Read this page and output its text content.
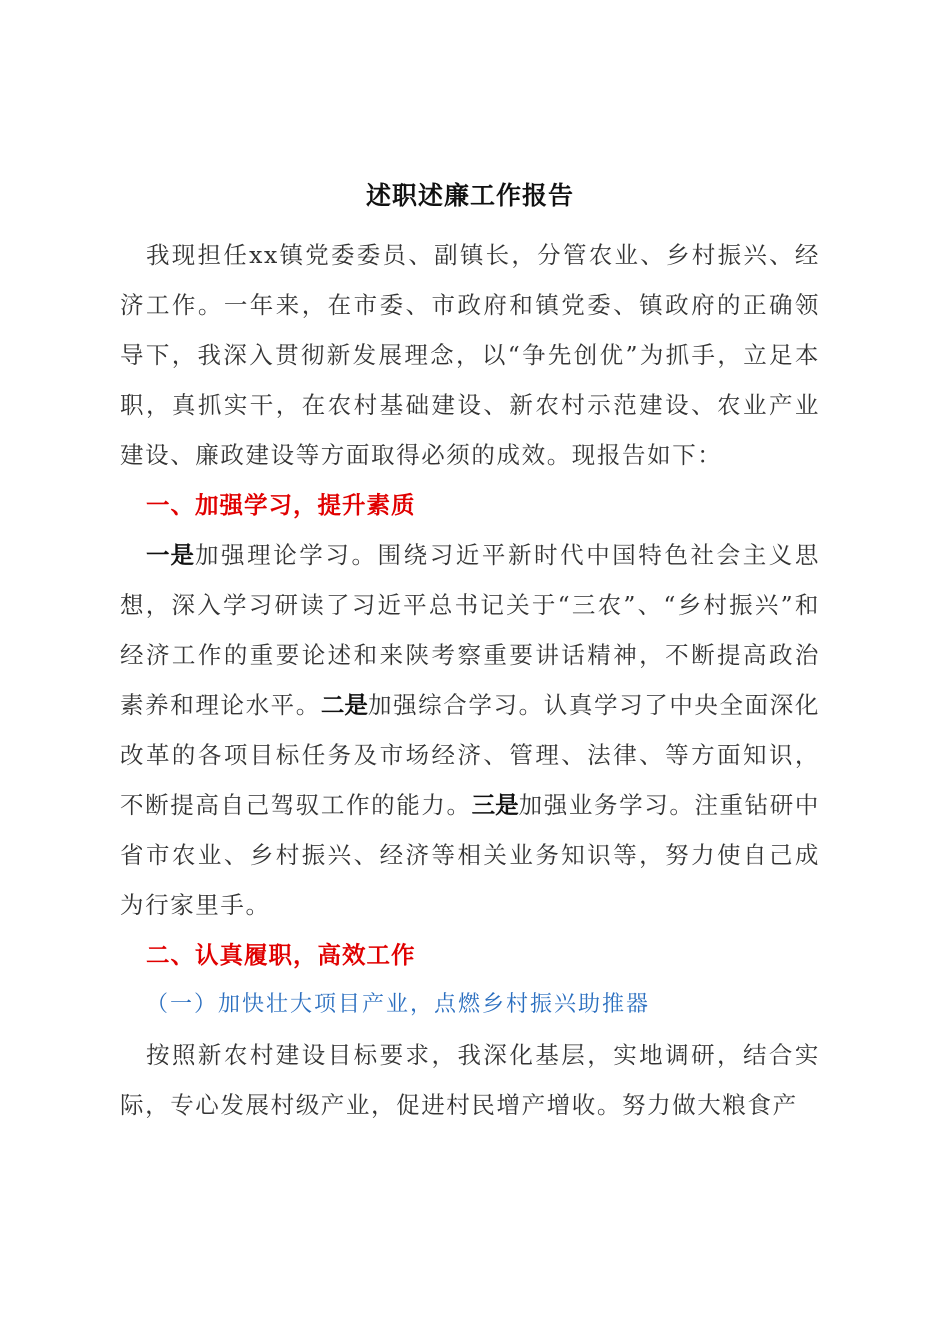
述职述廉工作报告

我现担任xx镇党委委员、副镇长，分管农业、乡村振兴、经济工作。一年来，在市委、市政府和镇党委、镇政府的正确领导下，我深入贯彻新发展理念，以“争先创优”为抓手，立足本职，真抓实干，在农村基础建设、新农村示范建设、农业产业建设、廉政建设等方面取得必须的成效。现报告如下：

一、加强学习，提升素质

一是加强理论学习。围绕习近平新时代中国特色社会主义思想，深入学习研读了习近平总书记关于“三农”、“乡村振兴”和经济工作的重要论述和来陕考察重要讲话精神，不断提高政治素养和理论水平。二是加强综合学习。认真学习了中央全面深化改革的各项目标任务及市场经济、管理、法律、等方面知识，不断提高自己驾驭工作的能力。三是加强业务学习。注重钻研中省市农业、乡村振兴、经济等相关业务知识等，努力使自己成为行家里手。

二、认真履职，高效工作
（一）加快壮大项目产业，点燃乡村振兴助推器

按照新农村建设目标要求，我深化基层，实地调研，结合实际，专心发展村级产业，促进村民增产增收。努力做大粮食产
